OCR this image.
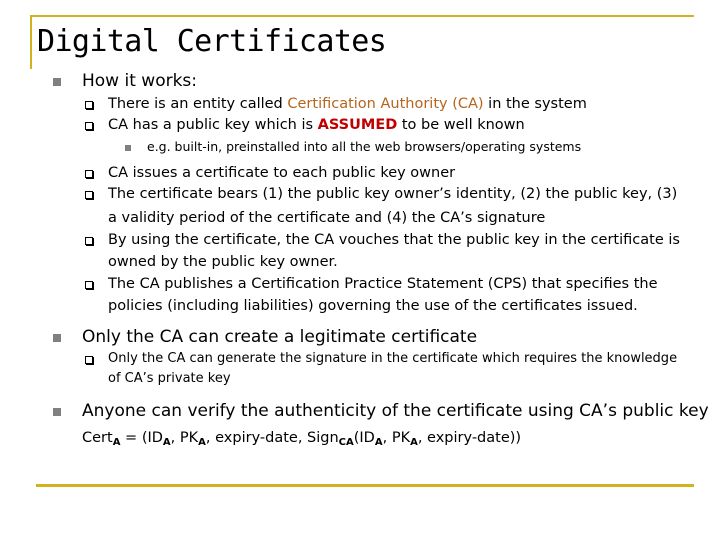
Digital Certificates
How it works:
There is an entity called Certification Authority (CA) in the system
CA has a public key which is ASSUMED to be well known
e.g. built-in, preinstalled into all the web browsers/operating systems
CA issues a certificate to each public key owner
The certificate bears (1) the public key owner’s identity, (2) the public key, (3)
a validity period of the certificate and (4) the CA’s signature
By using the certificate, the CA vouches that the public key in the certificate is
owned by the public key owner.
The CA publishes a Certification Practice Statement (CPS) that specifies the
policies (including liabilities) governing the use of the certificates issued.
Only the CA can create a legitimate certificate
Only the CA can generate the signature in the certificate which requires the knowledge
of CA’s private key
Anyone can verify the authenticity of the certificate using CA’s public key
Cert$_A$ = ($ID_A$, $PK_A$, expiry-date, $Sign_{CA}(ID_A$, $PK_A$, expiry-date))
